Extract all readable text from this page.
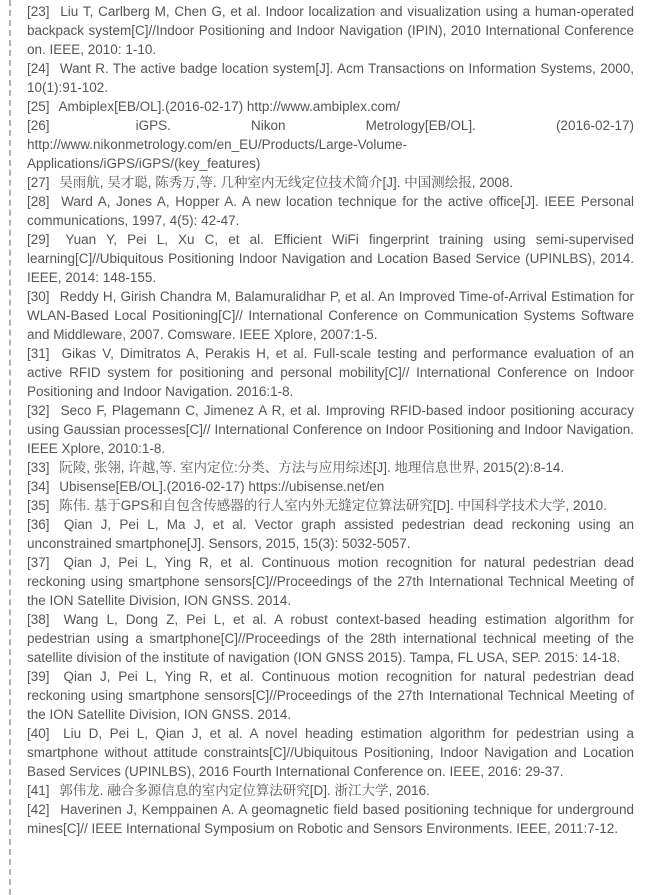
[23] Liu T, Carlberg M, Chen G, et al. Indoor localization and visualization using a human-operated backpack system[C]//Indoor Positioning and Indoor Navigation (IPIN), 2010 International Conference on. IEEE, 2010: 1-10.

[24] Want R. The active badge location system[J]. Acm Transactions on Information Systems, 2000, 10(1):91-102.

[25] Ambiplex[EB/OL].(2016-02-17) http://www.ambiplex.com/

[26]	iGPS. Nikon Metrology[EB/OL]. (2016-02-17) http://www.nikonmetrology.com/en_EU/Products/Large-Volume-Applications/iGPS/iGPS/(key_features)

[27] 吴雨航, 吴才聪, 陈秀万,等. 几种室内无线定位技术简介[J]. 中国测绘报, 2008.

[28] Ward A, Jones A, Hopper A. A new location technique for the active office[J]. IEEE Personal communications, 1997, 4(5): 42-47.

[29] Yuan Y, Pei L, Xu C, et al. Efficient WiFi fingerprint training using semi-supervised learning[C]//Ubiquitous Positioning Indoor Navigation and Location Based Service (UPINLBS), 2014. IEEE, 2014: 148-155.

[30] Reddy H, Girish Chandra M, Balamuralidhar P, et al. An Improved Time-of-Arrival Estimation for WLAN-Based Local Positioning[C]// International Conference on Communication Systems Software and Middleware, 2007. Comsware. IEEE Xplore, 2007:1-5.

[31] Gikas V, Dimitratos A, Perakis H, et al. Full-scale testing and performance evaluation of an active RFID system for positioning and personal mobility[C]// International Conference on Indoor Positioning and Indoor Navigation. 2016:1-8.

[32] Seco F, Plagemann C, Jimenez A R, et al. Improving RFID-based indoor positioning accuracy using Gaussian processes[C]// International Conference on Indoor Positioning and Indoor Navigation. IEEE Xplore, 2010:1-8.

[33] 阮陵, 张翎, 许越,等. 室内定位:分类、方法与应用综述[J]. 地理信息世界, 2015(2):8-14.

[34] Ubisense[EB/OL].(2016-02-17) https://ubisense.net/en

[35] 陈伟. 基于GPS和自包含传感器的行人室内外无缝定位算法研究[D]. 中国科学技术大学, 2010.

[36] Qian J, Pei L, Ma J, et al. Vector graph assisted pedestrian dead reckoning using an unconstrained smartphone[J]. Sensors, 2015, 15(3): 5032-5057.

[37] Qian J, Pei L, Ying R, et al. Continuous motion recognition for natural pedestrian dead reckoning using smartphone sensors[C]//Proceedings of the 27th International Technical Meeting of the ION Satellite Division, ION GNSS. 2014.

[38] Wang L, Dong Z, Pei L, et al. A robust context-based heading estimation algorithm for pedestrian using a smartphone[C]//Proceedings of the 28th international technical meeting of the satellite division of the institute of navigation (ION GNSS 2015). Tampa, FL USA, SEP. 2015: 14-18.

[39] Qian J, Pei L, Ying R, et al. Continuous motion recognition for natural pedestrian dead reckoning using smartphone sensors[C]//Proceedings of the 27th International Technical Meeting of the ION Satellite Division, ION GNSS. 2014.

[40] Liu D, Pei L, Qian J, et al. A novel heading estimation algorithm for pedestrian using a smartphone without attitude constraints[C]//Ubiquitous Positioning, Indoor Navigation and Location Based Services (UPINLBS), 2016 Fourth International Conference on. IEEE, 2016: 29-37.

[41] 郭伟龙. 融合多源信息的室内定位算法研究[D]. 浙江大学, 2016.

[42] Haverinen J, Kemppainen A. A geomagnetic field based positioning technique for underground mines[C]// IEEE International Symposium on Robotic and Sensors Environments. IEEE, 2011:7-12.
